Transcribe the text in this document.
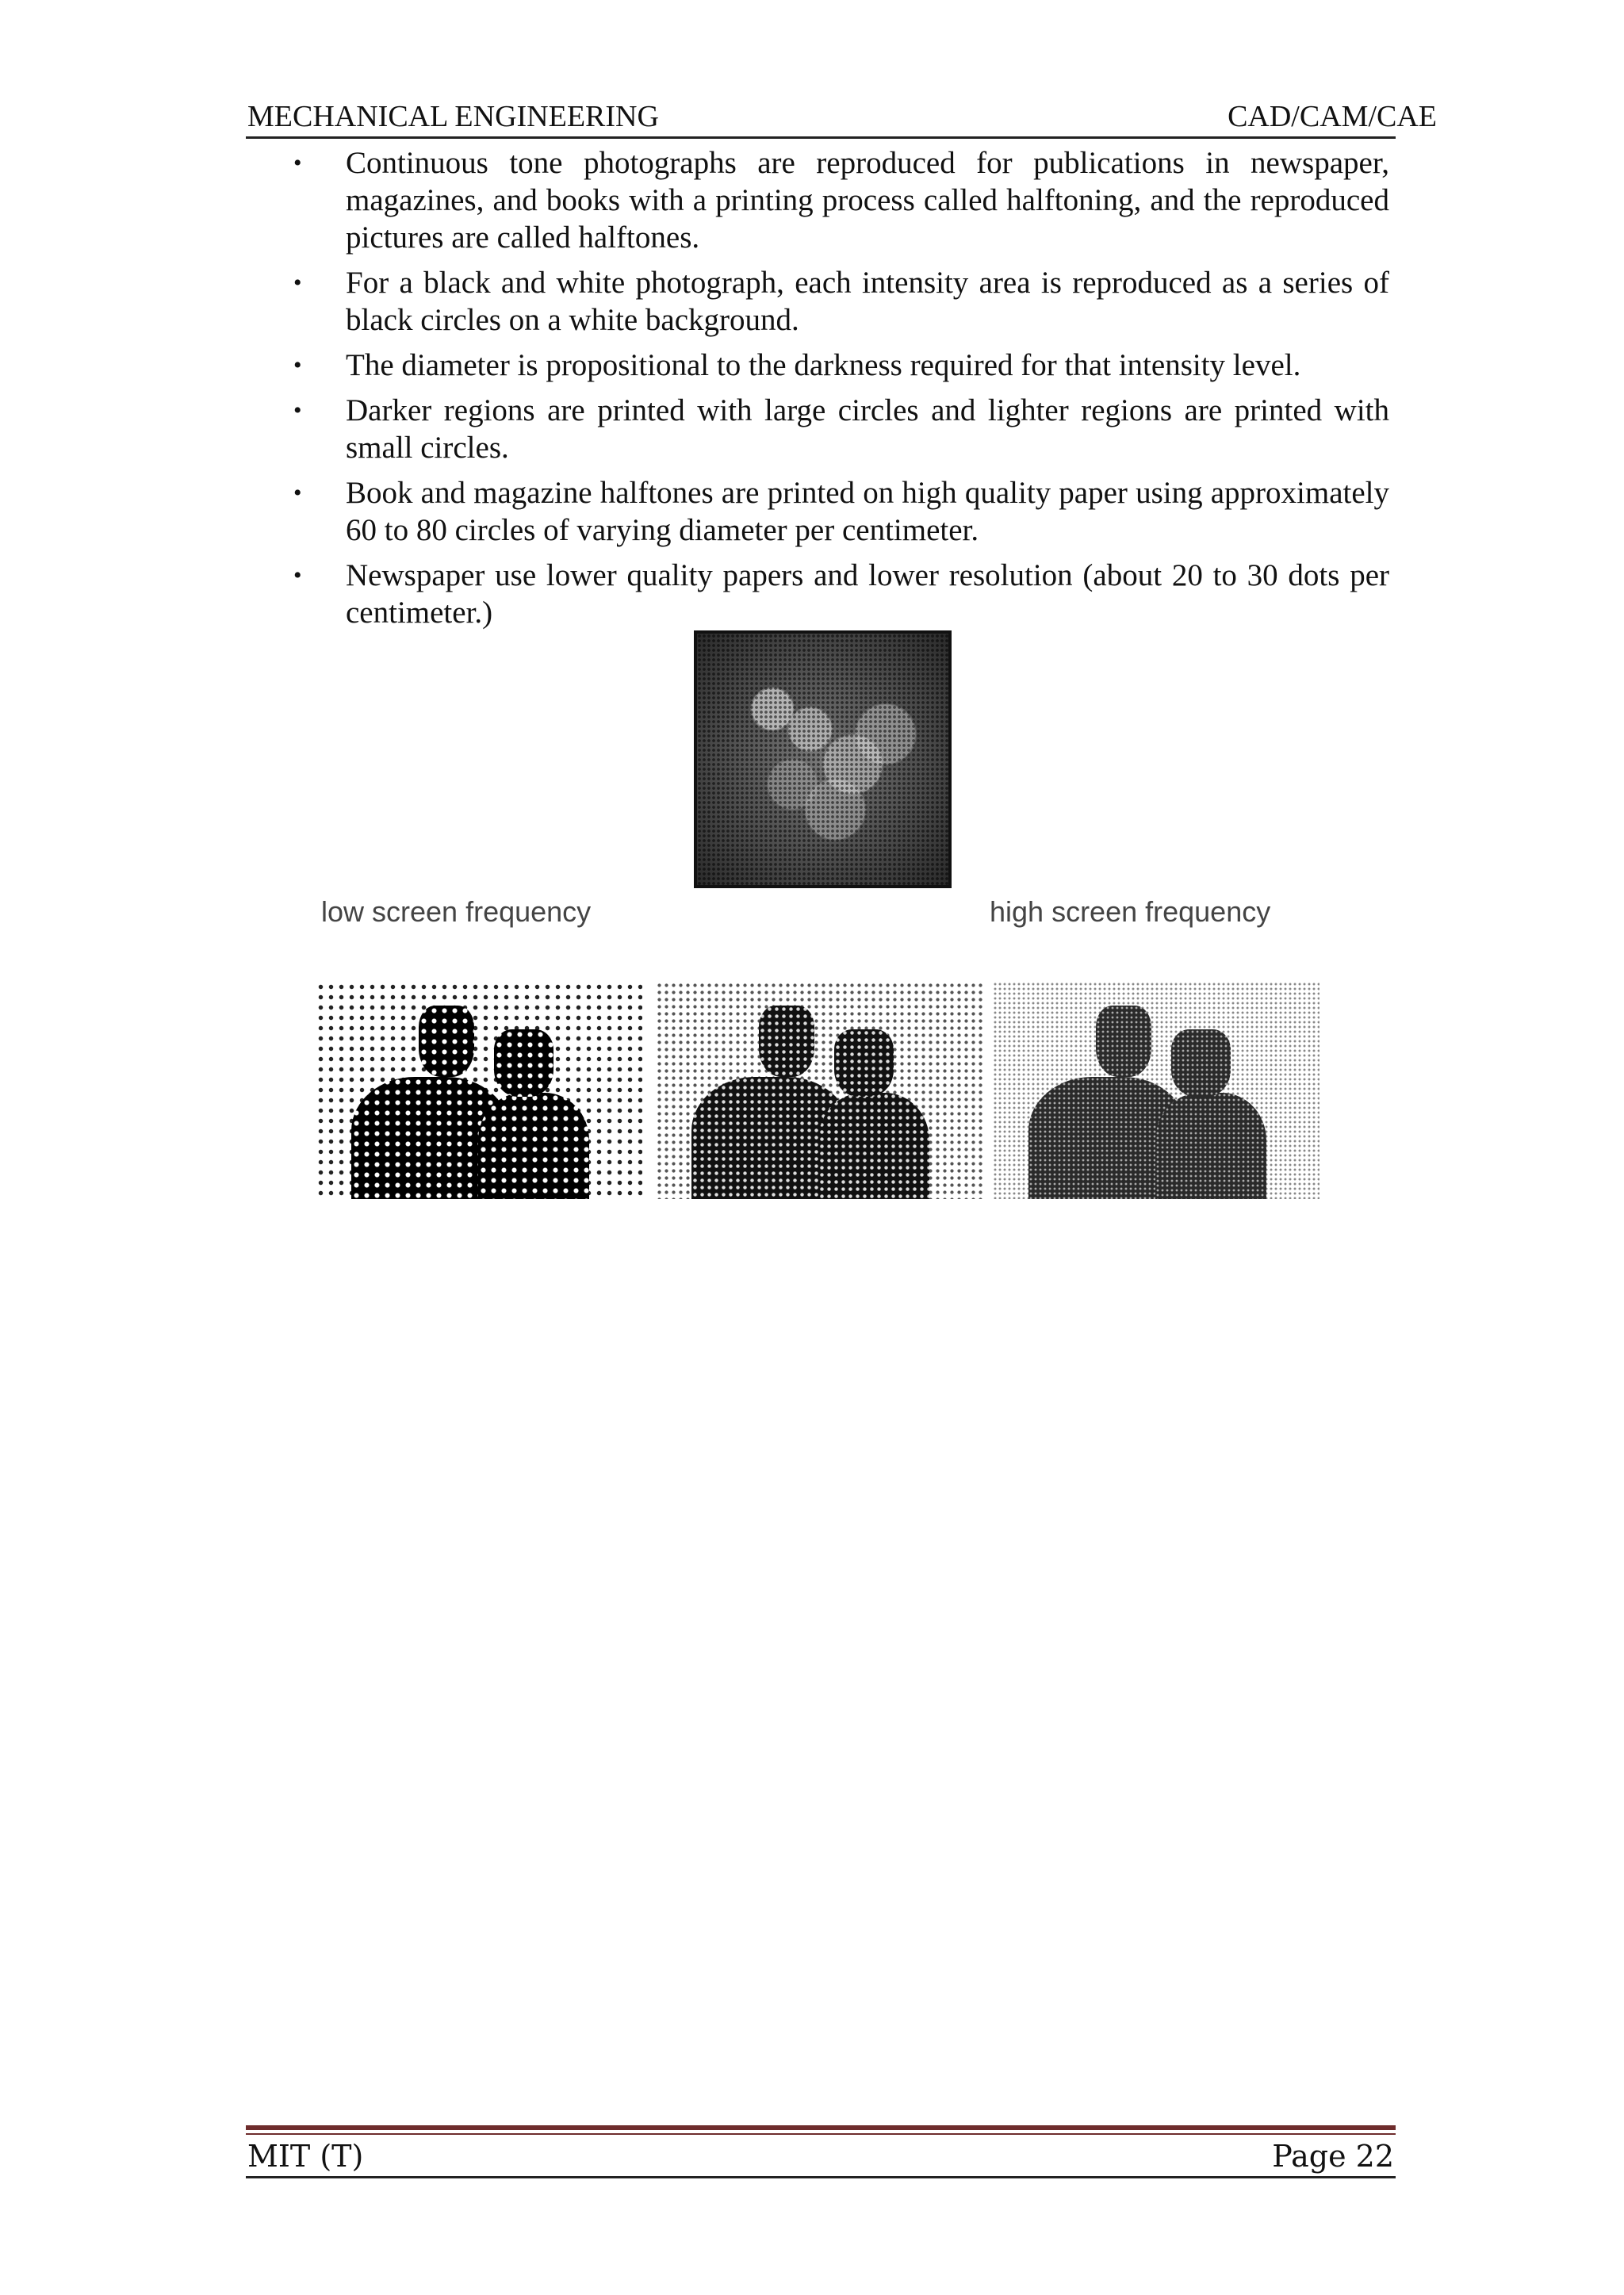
MECHANICAL ENGINEERING	CAD/CAM/CAE
• Continuous tone photographs are reproduced for publications in newspaper, magazines, and books with a printing process called halftoning, and the reproduced pictures are called halftones.
• For a black and white photograph, each intensity area is reproduced as a series of black circles on a white background.
• The diameter is propositional to the darkness required for that intensity level.
• Darker regions are printed with large circles and lighter regions are printed with small circles.
• Book and magazine halftones are printed on high quality paper using approximately 60 to 80 circles of varying diameter per centimeter.
• Newspaper use lower quality papers and lower resolution (about 20 to 30 dots per centimeter.)
low screen frequency	high screen frequency
MIT (T)	Page 22
